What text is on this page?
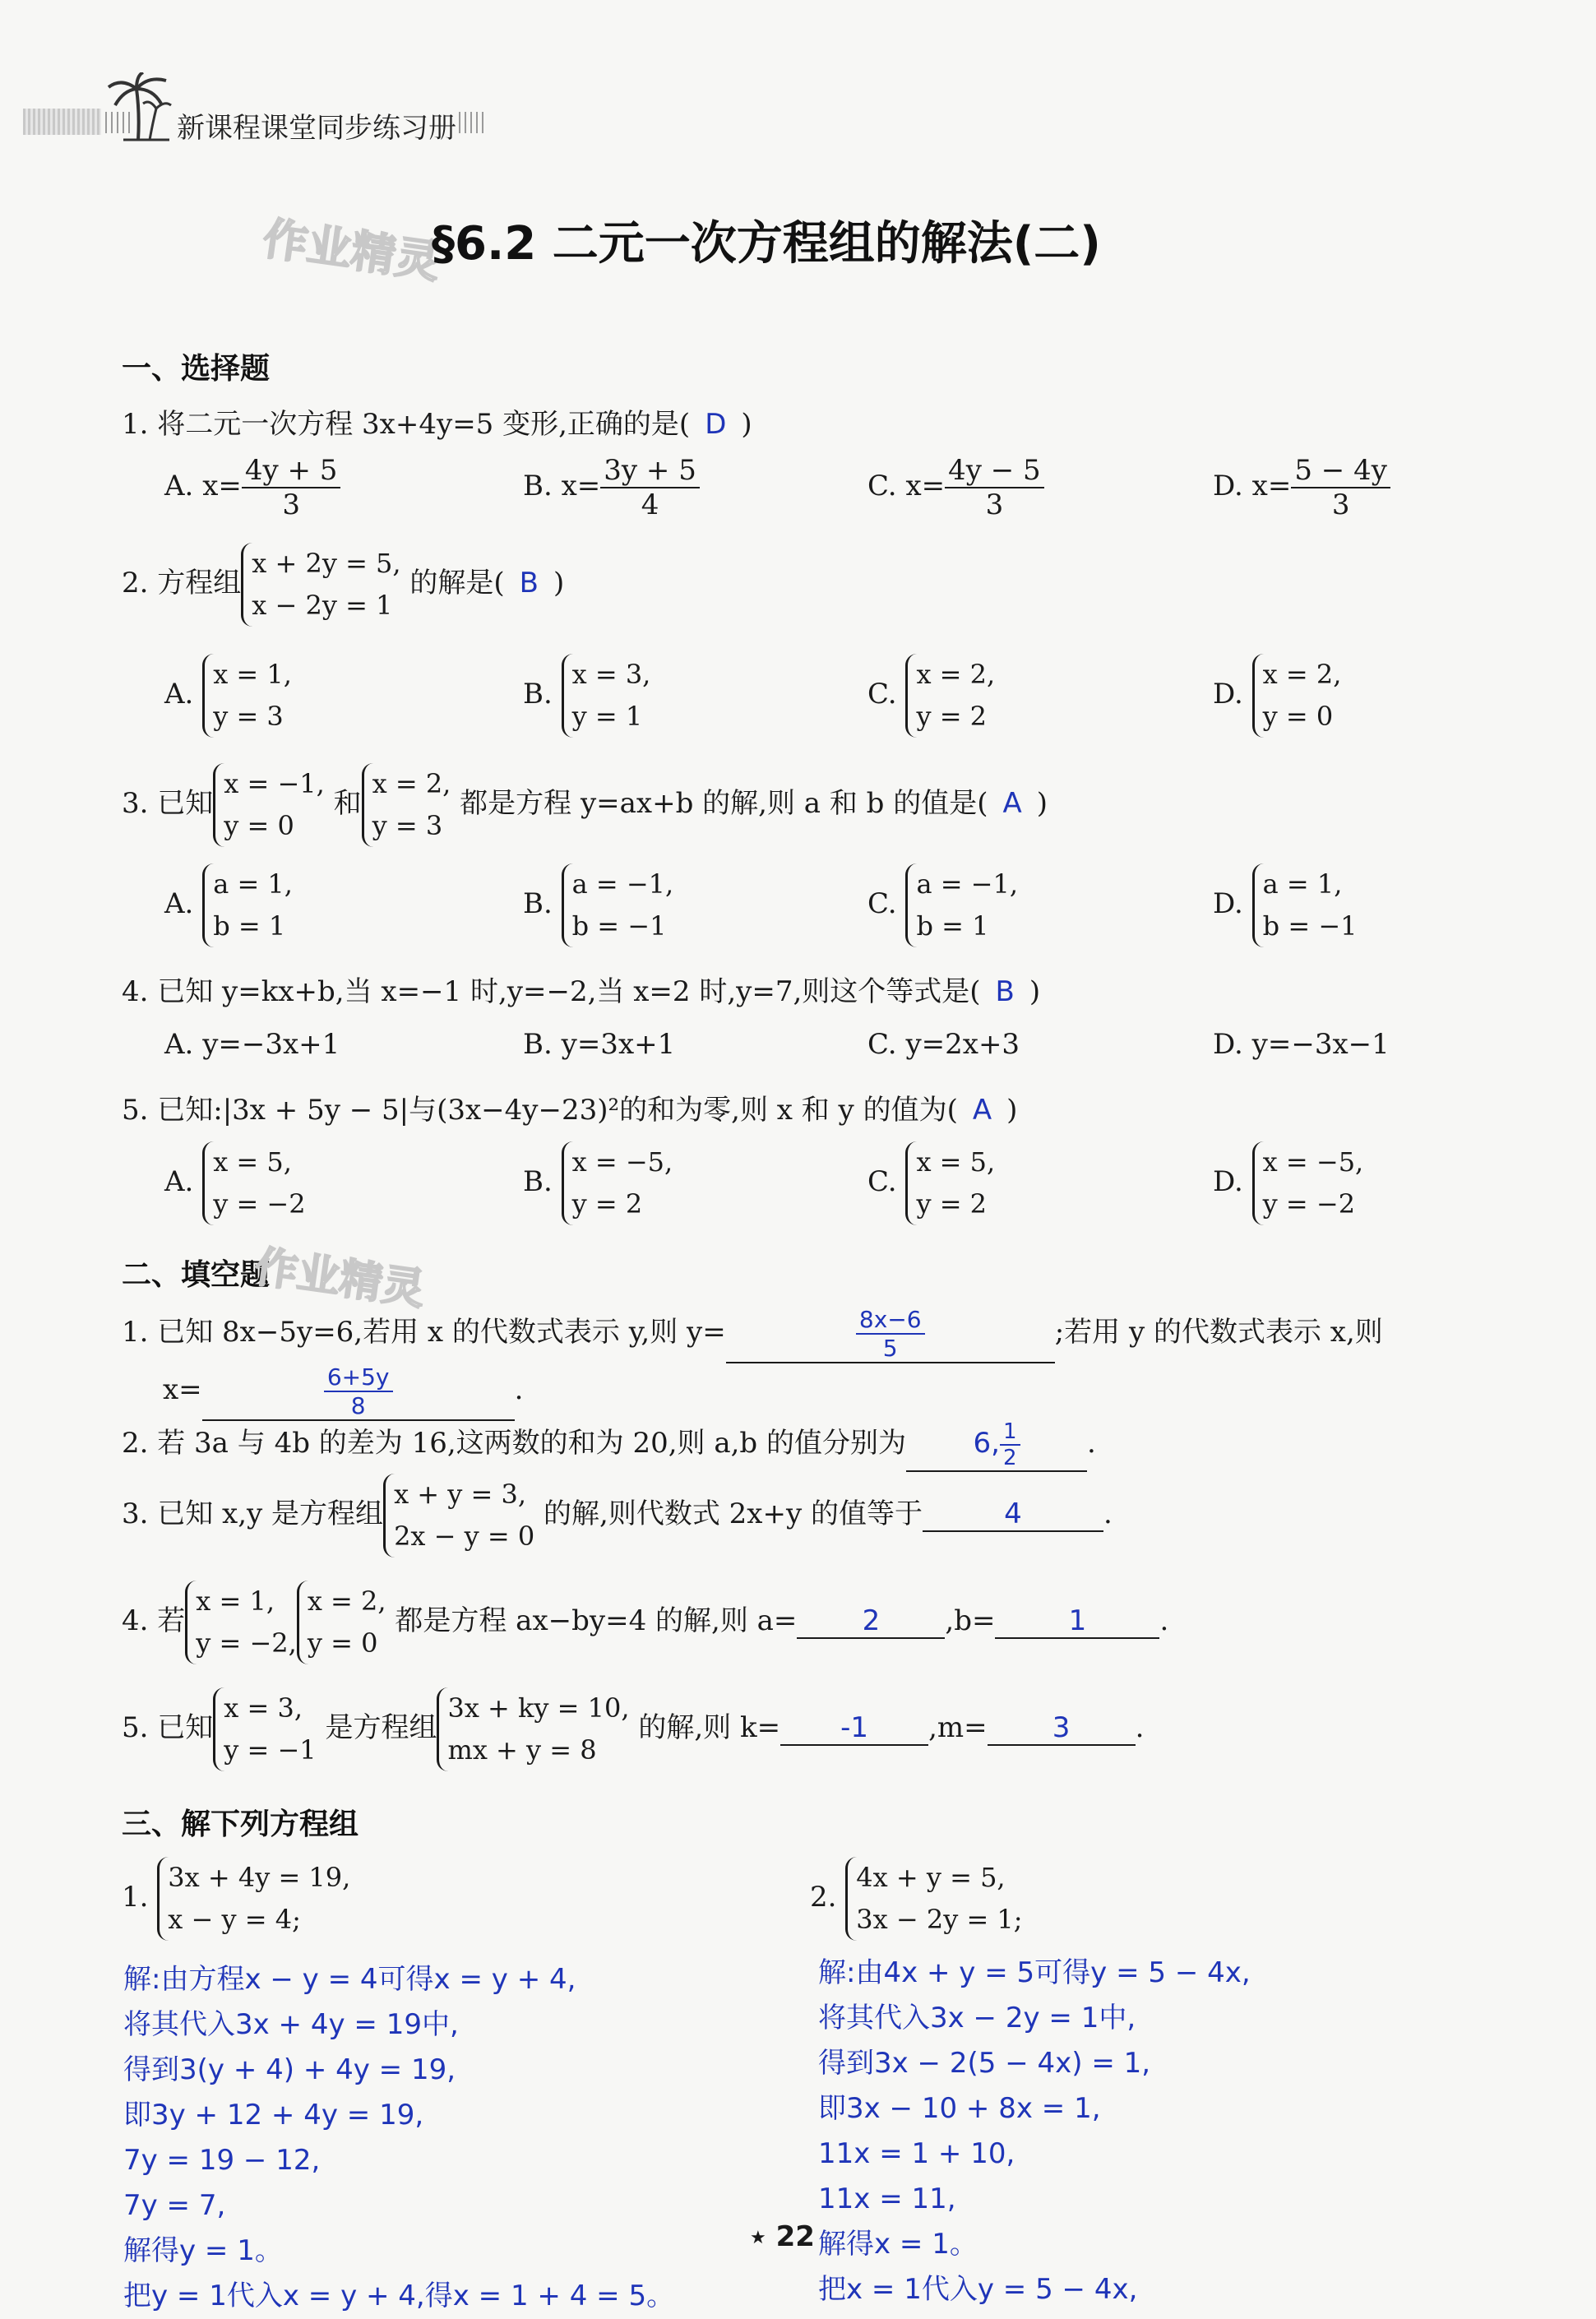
新课程课堂同步练习册
作业精灵
§6.2 二元一次方程组的解法(二)
一、选择题
1. 将二元一次方程 3x+4y=5 变形,正确的是( D )
A. $x= \frac{4y + 5}{3}$	B. $x= \frac{3y + 5}{4}$	C. $x= \frac{4y - 5}{3}$	D. $x= \frac{5 - 4y}{3}$
2. 方程组
x + 2y = 5,
x − 2y = 1
的解是( B )
A.
x = 1,
y = 3
B.
x = 3,
y = 1
C.
x = 2,
y = 2
D.
x = 2,
y = 0
3. 已知
x = −1,
y = 0
和
x = 2,
y = 3
都是方程 y=ax+b 的解,则 a 和 b 的值是( A )
A.
a = 1,
b = 1
B.
a = −1,
b = −1
C.
a = −1,
b = 1
D.
a = 1,
b = −1
4. 已知 y=kx+b,当 x=−1 时,y=−2,当 x=2 时,y=7,则这个等式是( B )
A. y=−3x+1	B. y=3x+1	C. y=2x+3	D. y=−3x−1
5. 已知:|3x + 5y − 5|与(3x−4y−23)²的和为零,则 x 和 y 的值为( A )
A.
x = 5,
y = −2
B.
x = −5,
y = 2
C.
x = 5,
y = 2
D.
x = −5,
y = −2
二、填空题
作业精灵
1. 已知 8x−5y=6,若用 x 的代数式表示 y,则 y=	$\frac{8x-6}{5}$	;若用 y 的代数式表示 x,则
x=	$\frac{6+5y}{8}$	.
2. 若 3a 与 4b 的差为 16,这两数的和为 20,则 a,b 的值分别为 6, $\frac{1}{2}$ .
3. 已知 x,y 是方程组
x + y = 3,
2x − y = 0
的解,则代数式 2x+y 的值等于	4	.
4. 若
x = 1,
y = −2,
x = 2,
y = 0
都是方程 ax−by=4 的解,则 a= 2 ,b=	1	.
5. 已知
x = 3,
y = −1
是方程组
3x + ky = 10,
mx + y = 8
的解,则 k= -1 ,m= 3 .
三、解下列方程组
1.
3x + 4y = 19,
x − y = 4;
解:由方程x − y = 4可得x = y + 4,
将其代入3x + 4y = 19中,
得到3(y + 4) + 4y = 19,
即3y + 12 + 4y = 19,
7y = 19 − 12,
7y = 7,
解得y = 1。
把y = 1代入x = y + 4,得x = 1 + 4 = 5。
2.
4x + y = 5,
3x − 2y = 1;
解:由4x + y = 5可得y = 5 − 4x,
将其代入3x − 2y = 1中,
得到3x − 2(5 − 4x) = 1,
即3x − 10 + 8x = 1,
11x = 1 + 10,
11x = 11,
解得x = 1。
把x = 1代入y = 5 − 4x,
★ 22
